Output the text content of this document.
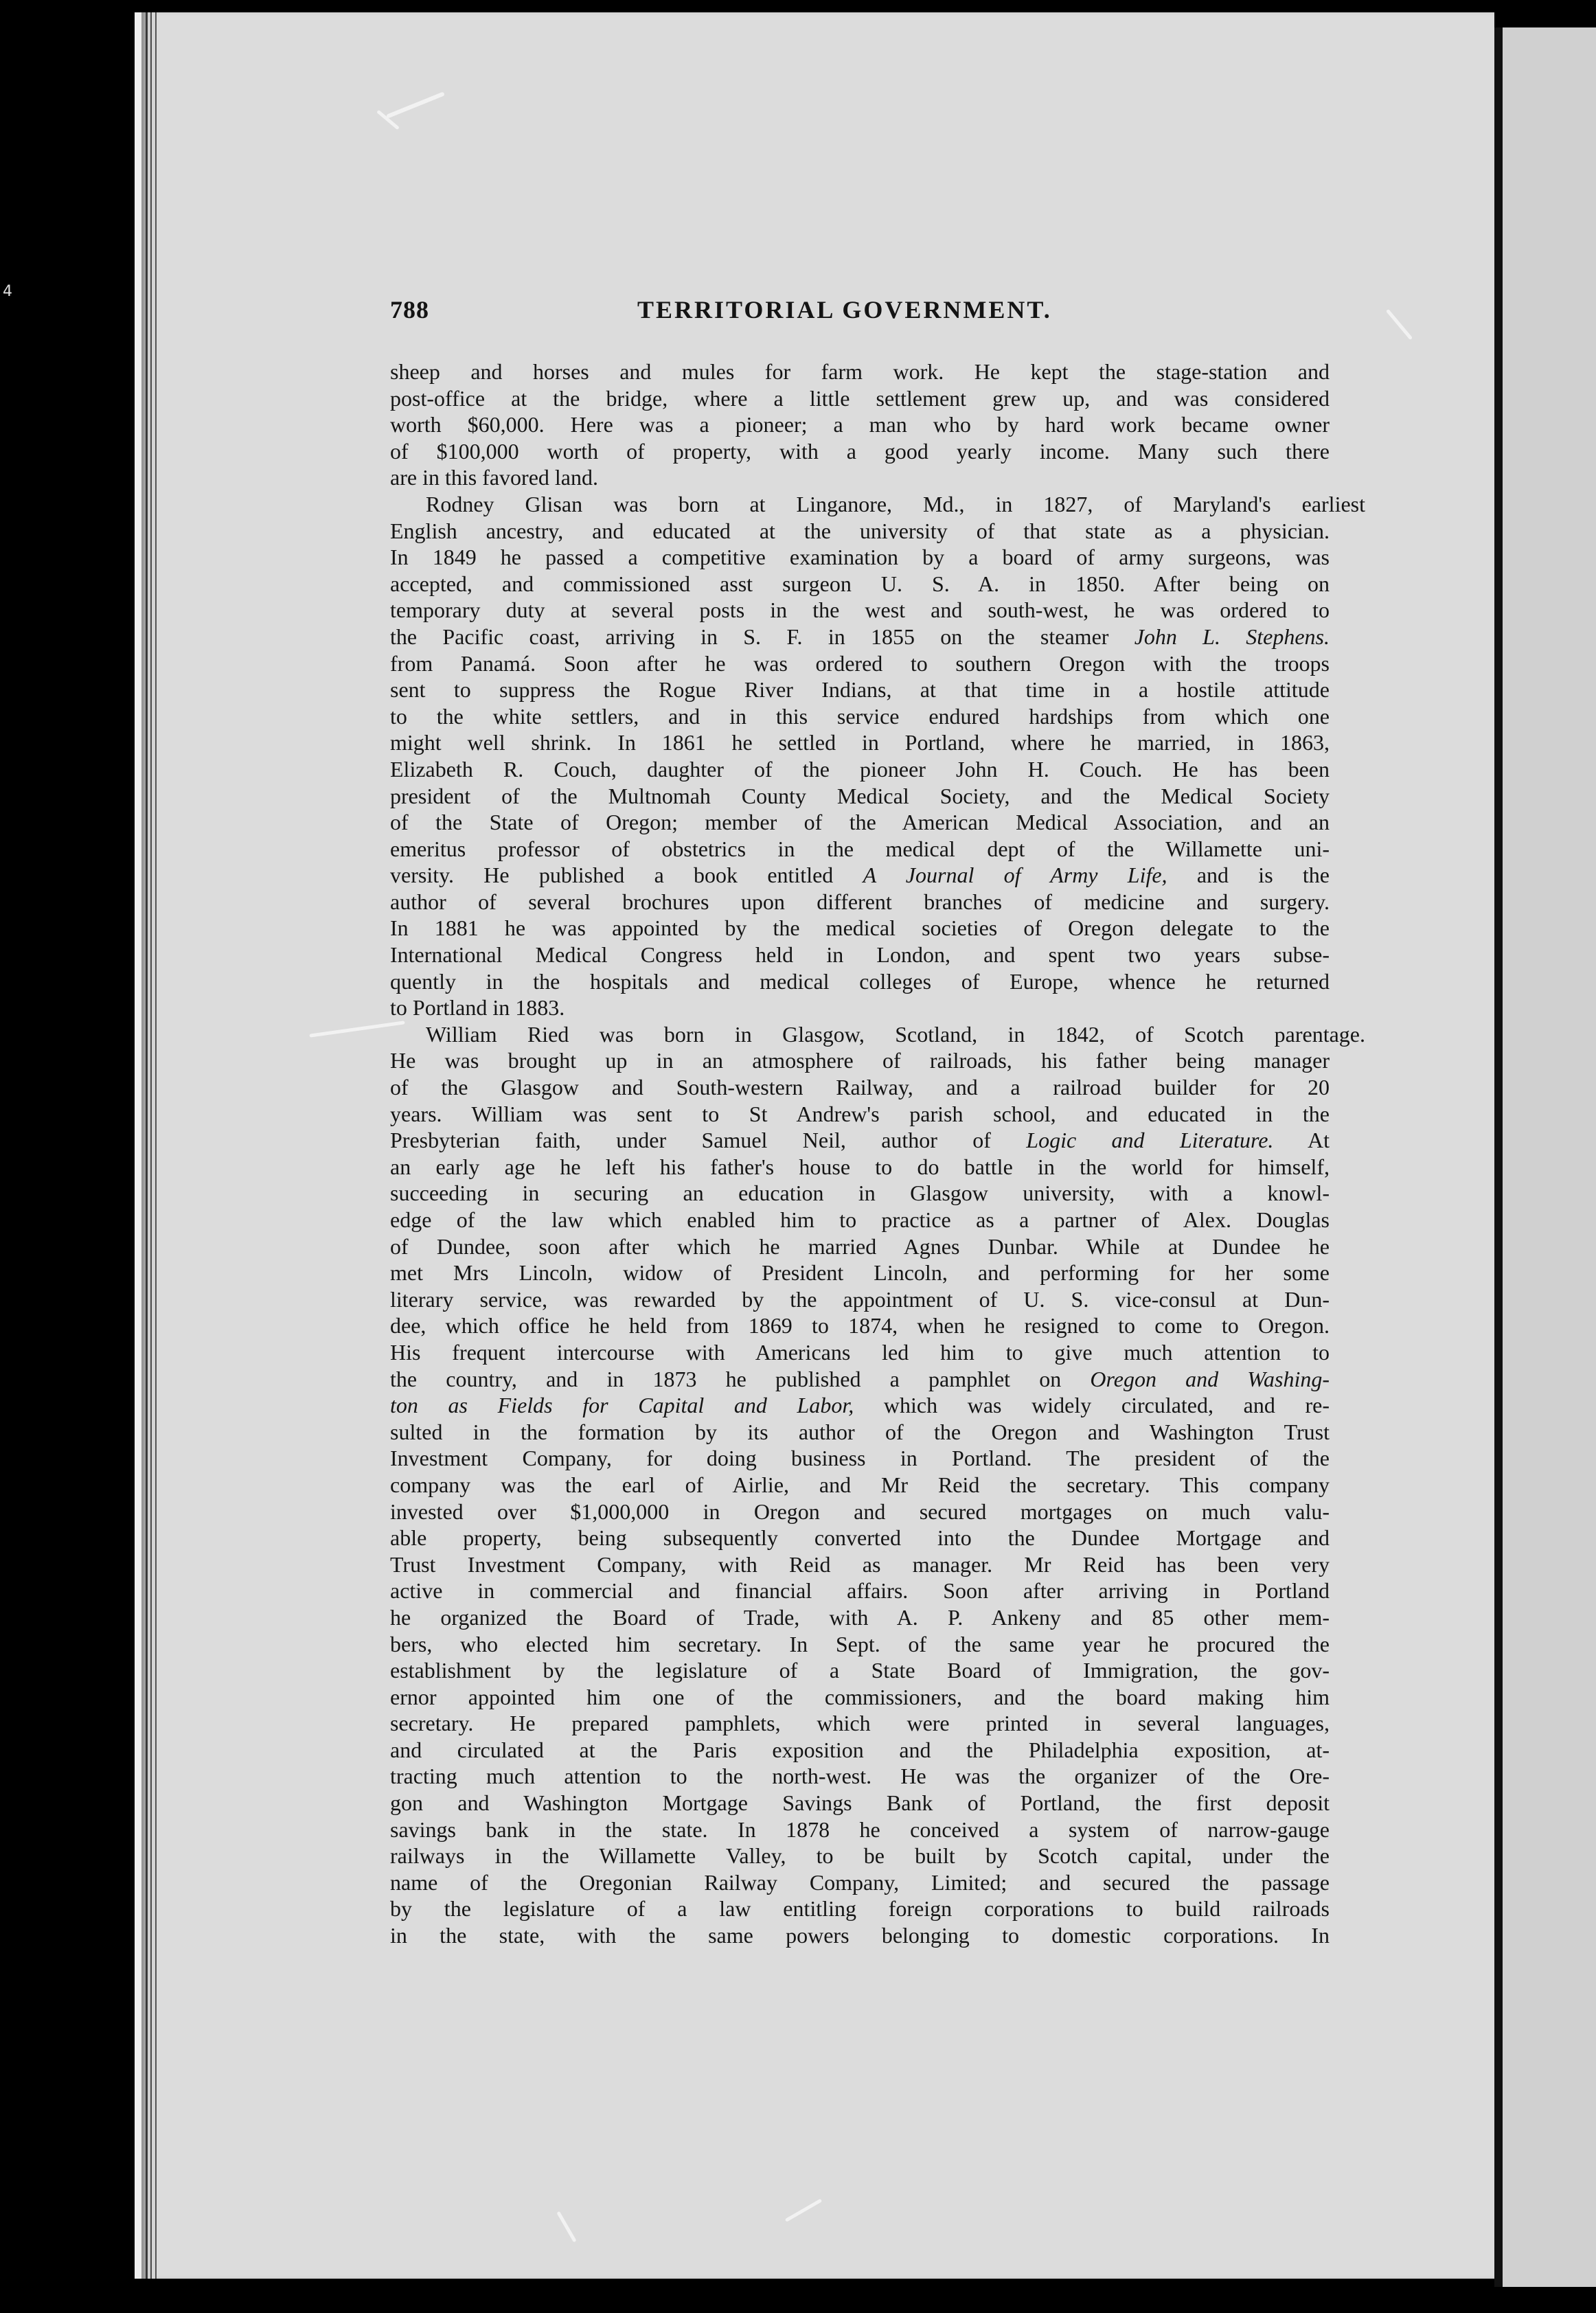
4
788	TERRITORIAL GOVERNMENT.
sheep and horses and mules for farm work. He kept the stage-station and
post-office at the bridge, where a little settlement grew up, and was considered
worth $60,000. Here was a pioneer; a man who by hard work became owner
of $100,000 worth of property, with a good yearly income. Many such there
are in this favored land.
Rodney Glisan was born at Linganore, Md., in 1827, of Maryland's earliest
English ancestry, and educated at the university of that state as a physician.
In 1849 he passed a competitive examination by a board of army surgeons, was
accepted, and commissioned asst surgeon U. S. A. in 1850. After being on
temporary duty at several posts in the west and south-west, he was ordered to
the Pacific coast, arriving in S. F. in 1855 on the steamer John L. Stephens.
from Panamá. Soon after he was ordered to southern Oregon with the troops
sent to suppress the Rogue River Indians, at that time in a hostile attitude
to the white settlers, and in this service endured hardships from which one
might well shrink. In 1861 he settled in Portland, where he married, in 1863,
Elizabeth R. Couch, daughter of the pioneer John H. Couch. He has been
president of the Multnomah County Medical Society, and the Medical Society
of the State of Oregon; member of the American Medical Association, and an
emeritus professor of obstetrics in the medical dept of the Willamette uni-
versity. He published a book entitled A Journal of Army Life, and is the
author of several brochures upon different branches of medicine and surgery.
In 1881 he was appointed by the medical societies of Oregon delegate to the
International Medical Congress held in London, and spent two years subse-
quently in the hospitals and medical colleges of Europe, whence he returned
to Portland in 1883.
William Ried was born in Glasgow, Scotland, in 1842, of Scotch parentage.
He was brought up in an atmosphere of railroads, his father being manager
of the Glasgow and South-western Railway, and a railroad builder for 20
years. William was sent to St Andrew's parish school, and educated in the
Presbyterian faith, under Samuel Neil, author of Logic and Literature. At
an early age he left his father's house to do battle in the world for himself,
succeeding in securing an education in Glasgow university, with a knowl-
edge of the law which enabled him to practice as a partner of Alex. Douglas
of Dundee, soon after which he married Agnes Dunbar. While at Dundee he
met Mrs Lincoln, widow of President Lincoln, and performing for her some
literary service, was rewarded by the appointment of U. S. vice-consul at Dun-
dee, which office he held from 1869 to 1874, when he resigned to come to Oregon.
His frequent intercourse with Americans led him to give much attention to
the country, and in 1873 he published a pamphlet on Oregon and Washing-
ton as Fields for Capital and Labor, which was widely circulated, and re-
sulted in the formation by its author of the Oregon and Washington Trust
Investment Company, for doing business in Portland. The president of the
company was the earl of Airlie, and Mr Reid the secretary. This company
invested over $1,000,000 in Oregon and secured mortgages on much valu-
able property, being subsequently converted into the Dundee Mortgage and
Trust Investment Company, with Reid as manager. Mr Reid has been very
active in commercial and financial affairs. Soon after arriving in Portland
he organized the Board of Trade, with A. P. Ankeny and 85 other mem-
bers, who elected him secretary. In Sept. of the same year he procured the
establishment by the legislature of a State Board of Immigration, the gov-
ernor appointed him one of the commissioners, and the board making him
secretary. He prepared pamphlets, which were printed in several languages,
and circulated at the Paris exposition and the Philadelphia exposition, at-
tracting much attention to the north-west. He was the organizer of the Ore-
gon and Washington Mortgage Savings Bank of Portland, the first deposit
savings bank in the state. In 1878 he conceived a system of narrow-gauge
railways in the Willamette Valley, to be built by Scotch capital, under the
name of the Oregonian Railway Company, Limited; and secured the passage
by the legislature of a law entitling foreign corporations to build railroads
in the state, with the same powers belonging to domestic corporations. In
